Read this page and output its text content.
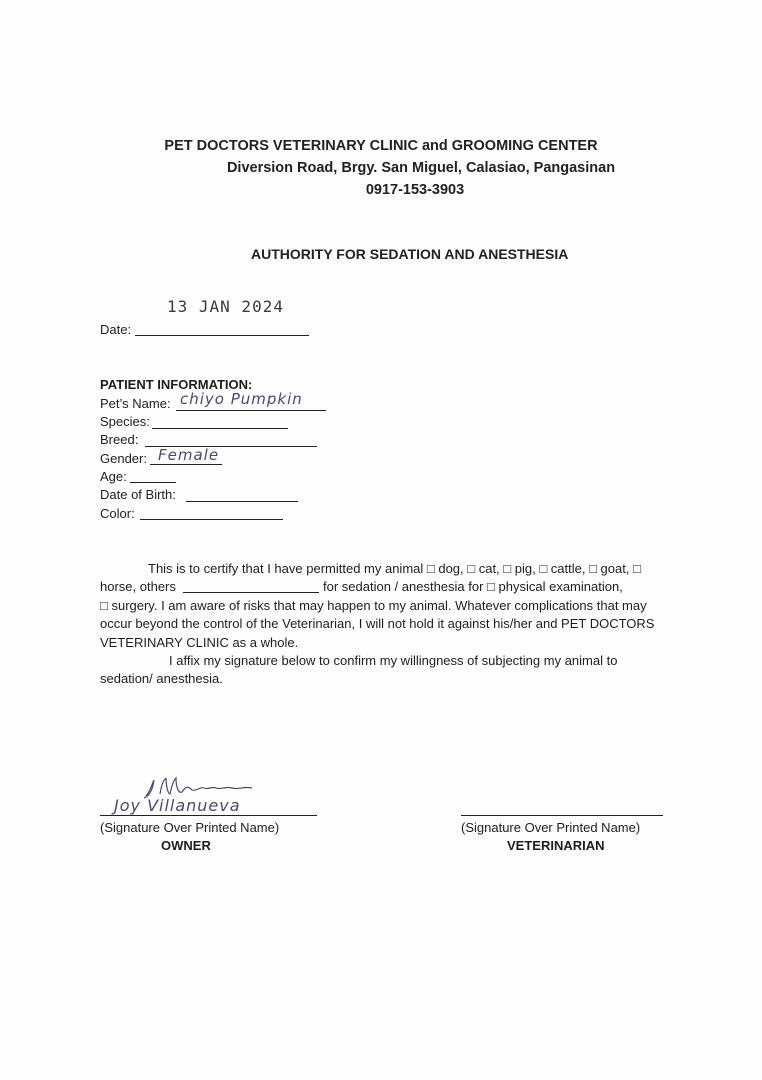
PET DOCTORS VETERINARY CLINIC and GROOMING CENTER
Diversion Road, Brgy. San Miguel, Calasiao, Pangasinan
0917-153-3903
AUTHORITY FOR SEDATION AND ANESTHESIA
13 JAN 2024
Date:
PATIENT INFORMATION:
Pet’s Name: chiyo Pumpkin
Species:
Breed:
Gender: Female
Age:
Date of Birth:
Color:

This is to certify that I have permitted my animal □ dog, □ cat, □ pig, □ cattle, □ goat, □

horse, others	for sedation / anesthesia for □ physical examination,

□ surgery. I am aware of risks that may happen to my animal. Whatever complications that may

occur beyond the control of the Veterinarian, I will not hold it against his/her and PET DOCTORS

VETERINARY CLINIC as a whole.

I affix my signature below to confirm my willingness of subjecting my animal to

sedation/ anesthesia.

Joy Villanueva
(Signature Over Printed Name)
OWNER
(Signature Over Printed Name)
VETERINARIAN
